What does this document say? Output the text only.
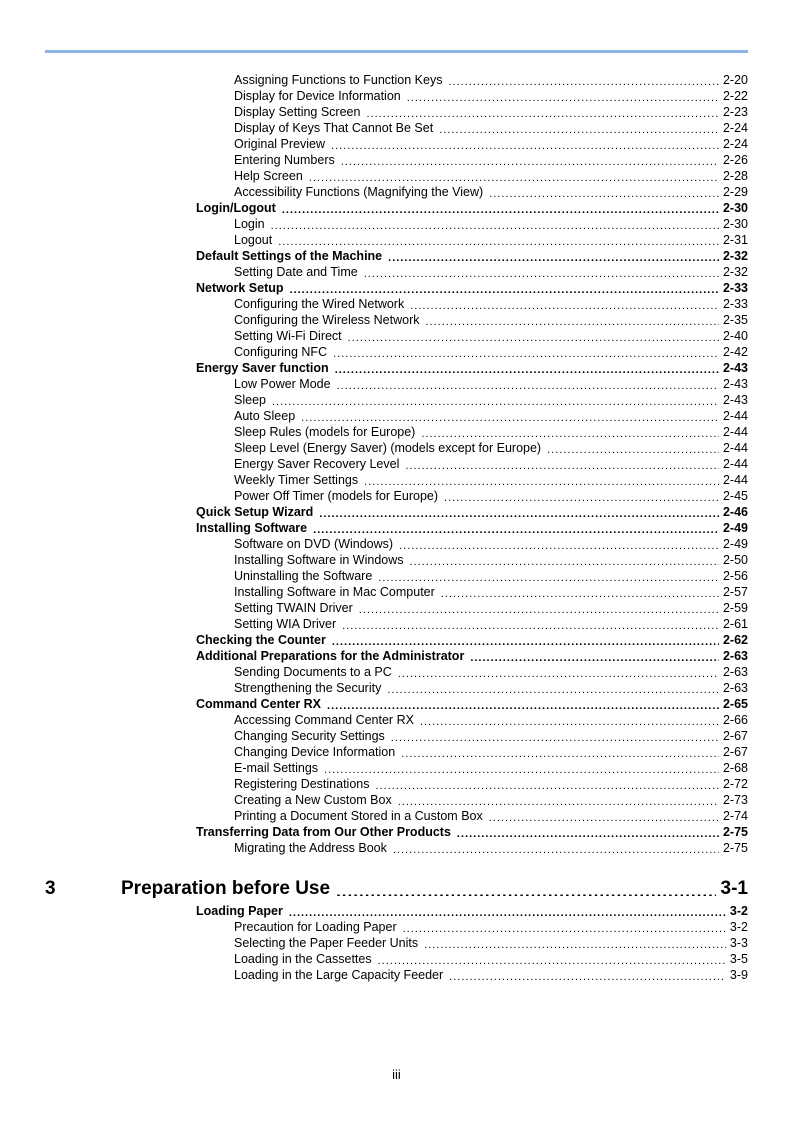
Assigning Functions to Function Keys .....	2-20
Display for Device Information .....	2-22
Display Setting Screen .....	2-23
Display of Keys That Cannot Be Set .....	2-24
Original Preview .....	2-24
Entering Numbers .....	2-26
Help Screen .....	2-28
Accessibility Functions (Magnifying the View) .....	2-29
Login/Logout .....	2-30
Login .....	2-30
Logout .....	2-31
Default Settings of the Machine .....	2-32
Setting Date and Time .....	2-32
Network Setup .....	2-33
Configuring the Wired Network .....	2-33
Configuring the Wireless Network .....	2-35
Setting Wi-Fi Direct .....	2-40
Configuring NFC .....	2-42
Energy Saver function .....	2-43
Low Power Mode .....	2-43
Sleep .....	2-43
Auto Sleep .....	2-44
Sleep Rules (models for Europe) .....	2-44
Sleep Level (Energy Saver) (models except for Europe) .....	2-44
Energy Saver Recovery Level .....	2-44
Weekly Timer Settings .....	2-44
Power Off Timer (models for Europe) .....	2-45
Quick Setup Wizard .....	2-46
Installing Software .....	2-49
Software on DVD (Windows) .....	2-49
Installing Software in Windows .....	2-50
Uninstalling the Software .....	2-56
Installing Software in Mac Computer .....	2-57
Setting TWAIN Driver .....	2-59
Setting WIA Driver .....	2-61
Checking the Counter .....	2-62
Additional Preparations for the Administrator .....	2-63
Sending Documents to a PC .....	2-63
Strengthening the Security .....	2-63
Command Center RX .....	2-65
Accessing Command Center RX .....	2-66
Changing Security Settings .....	2-67
Changing Device Information .....	2-67
E-mail Settings .....	2-68
Registering Destinations .....	2-72
Creating a New Custom Box .....	2-73
Printing a Document Stored in a Custom Box .....	2-74
Transferring Data from Our Other Products .....	2-75
Migrating the Address Book .....	2-75
3	Preparation before Use .....	3-1
Loading Paper .....	3-2
Precaution for Loading Paper .....	3-2
Selecting the Paper Feeder Units .....	3-3
Loading in the Cassettes .....	3-5
Loading in the Large Capacity Feeder .....	3-9
iii
